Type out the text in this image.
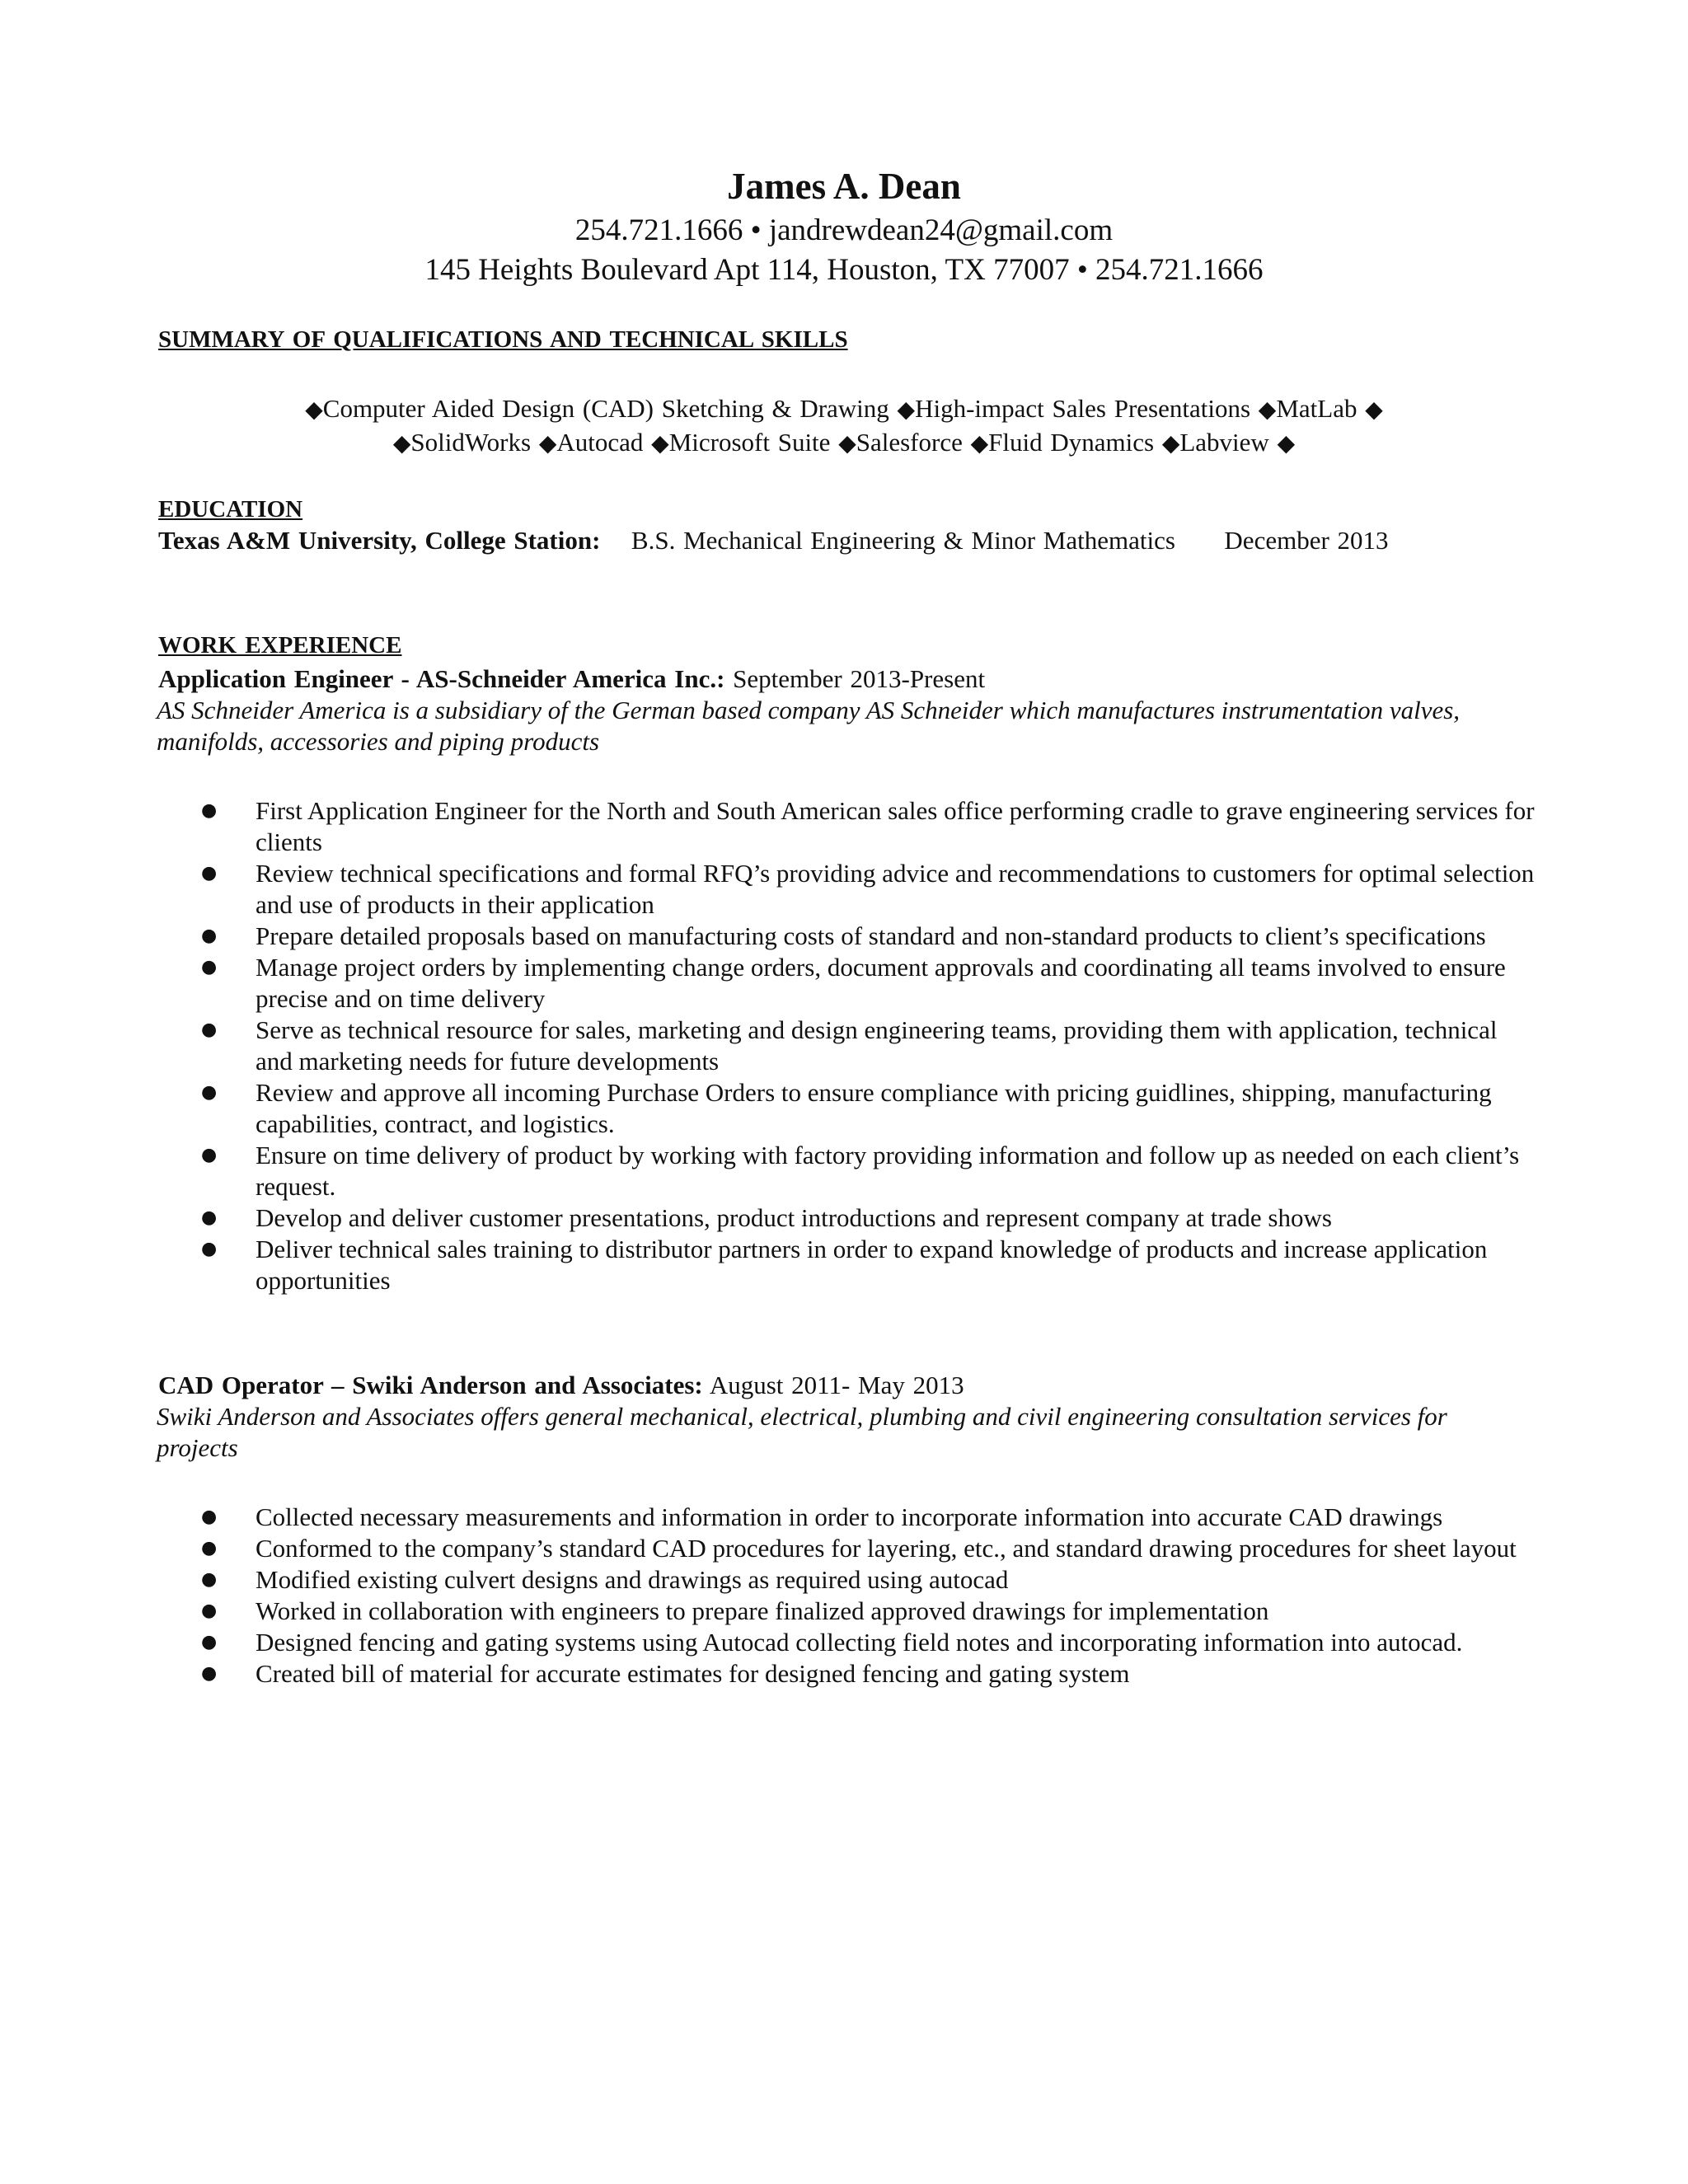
James A. Dean
254.721.1666 • jandrewdean24@gmail.com
145 Heights Boulevard Apt 114, Houston, TX 77007 • 254.721.1666
SUMMARY OF QUALIFICATIONS AND TECHNICAL SKILLS
◆Computer Aided Design (CAD) Sketching & Drawing ◆High-impact Sales Presentations ◆MatLab ◆
◆SolidWorks ◆Autocad ◆Microsoft Suite ◆Salesforce ◆Fluid Dynamics ◆Labview ◆
EDUCATION
Texas A&M University, College Station: B.S. Mechanical Engineering & Minor Mathematics December 2013
WORK EXPERIENCE
Application Engineer - AS-Schneider America Inc.: September 2013-Present
AS Schneider America is a subsidiary of the German based company AS Schneider which manufactures instrumentation valves, manifolds, accessories and piping products
● First Application Engineer for the North and South American sales office performing cradle to grave engineering services for clients
● Review technical specifications and formal RFQ’s providing advice and recommendations to customers for optimal selection and use of products in their application
● Prepare detailed proposals based on manufacturing costs of standard and non-standard products to client’s specifications
● Manage project orders by implementing change orders, document approvals and coordinating all teams involved to ensure precise and on time delivery
● Serve as technical resource for sales, marketing and design engineering teams, providing them with application, technical and marketing needs for future developments
● Review and approve all incoming Purchase Orders to ensure compliance with pricing guidlines, shipping, manufacturing capabilities, contract, and logistics.
● Ensure on time delivery of product by working with factory providing information and follow up as needed on each client’s request.
● Develop and deliver customer presentations, product introductions and represent company at trade shows
● Deliver technical sales training to distributor partners in order to expand knowledge of products and increase application opportunities
CAD Operator – Swiki Anderson and Associates: August 2011- May 2013
Swiki Anderson and Associates offers general mechanical, electrical, plumbing and civil engineering consultation services for projects
● Collected necessary measurements and information in order to incorporate information into accurate CAD drawings
● Conformed to the company’s standard CAD procedures for layering, etc., and standard drawing procedures for sheet layout
● Modified existing culvert designs and drawings as required using autocad
● Worked in collaboration with engineers to prepare finalized approved drawings for implementation
● Designed fencing and gating systems using Autocad collecting field notes and incorporating information into autocad.
● Created bill of material for accurate estimates for designed fencing and gating system
